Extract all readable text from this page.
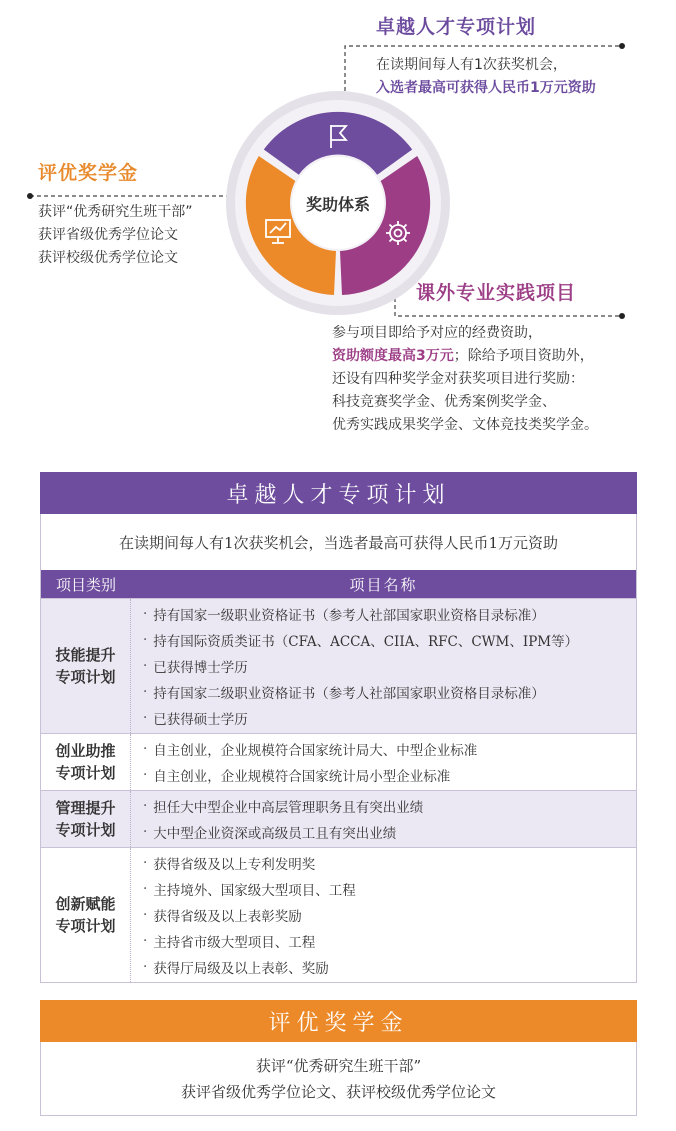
奖助体系
卓越人才专项计划
在读期间每人有1次获奖机会，
入选者最高可获得人民币1万元资助
评优奖学金
获评“优秀研究生班干部”
获评省级优秀学位论文
获评校级优秀学位论文
课外专业实践项目
参与项目即给予对应的经费资助，
资助额度最高3万元；除给予项目资助外，
还设有四种奖学金对获奖项目进行奖励：
科技竞赛奖学金、优秀案例奖学金、
优秀实践成果奖学金、文体竞技类奖学金。
卓越人才专项计划
在读期间每人有1次获奖机会，当选者最高可获得人民币1万元资助
项目类别	项目名称
技能提升
专项计划
· 持有国家一级职业资格证书（参考人社部国家职业资格目录标准）
· 持有国际资质类证书（CFA、ACCA、CIIA、RFC、CWM、IPM等）
· 已获得博士学历
· 持有国家二级职业资格证书（参考人社部国家职业资格目录标准）
· 已获得硕士学历
创业助推
专项计划
· 自主创业，企业规模符合国家统计局大、中型企业标准
· 自主创业，企业规模符合国家统计局小型企业标准
管理提升
专项计划
· 担任大中型企业中高层管理职务且有突出业绩
· 大中型企业资深或高级员工且有突出业绩
创新赋能
专项计划
· 获得省级及以上专利发明奖
· 主持境外、国家级大型项目、工程
· 获得省级及以上表彰奖励
· 主持省市级大型项目、工程
· 获得厅局级及以上表彰、奖励
评优奖学金
获评“优秀研究生班干部”
获评省级优秀学位论文、获评校级优秀学位论文
